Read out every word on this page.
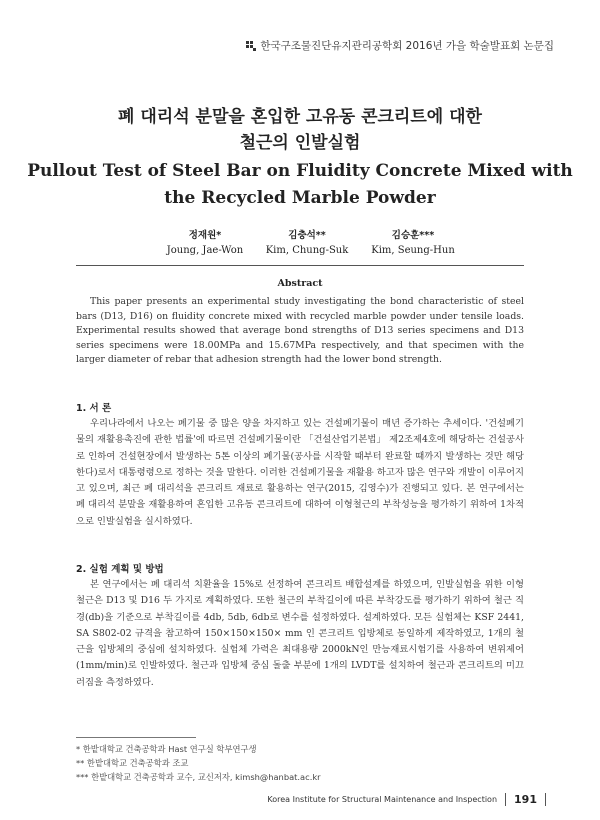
한국구조물진단유지관리공학회 2016년 가을 학술발표회 논문집
폐 대리석 분말을 혼입한 고유동 콘크리트에 대한
철근의 인발실험
Pullout Test of Steel Bar on Fluidity Concrete Mixed with
the Recycled Marble Powder
정재원*
Joung, Jae-Won
김충석**
Kim, Chung-Suk
김승훈***
Kim, Seung-Hun
Abstract

This paper presents an experimental study investigating the bond characteristic of steel bars (D13, D16) on fluidity concrete mixed with recycled marble powder under tensile loads. Experimental results showed that average bond strengths of D13 series specimens and D13 series specimens were 18.00MPa and 15.67MPa respectively, and that specimen with the larger diameter of rebar that adhesion strength had the lower bond strength.

1. 서 론

우리나라에서 나오는 폐기물 중 많은 양을 차지하고 있는 건설폐기물이 매년 증가하는 추세이다. '건설폐기물의 재활용촉진에 관한 법률'에 따르면 건설폐기물이란 「건설산업기본법」 제2조제4호에 해당하는 건설공사로 인하여 건설현장에서 발생하는 5톤 이상의 폐기물(공사를 시작할 때부터 완료할 때까지 발생하는 것만 해당한다)로서 대통령령으로 정하는 것을 말한다. 이러한 건설폐기물을 재활용 하고자 많은 연구와 개발이 이루어지고 있으며, 최근 폐 대리석을 콘크리트 재료로 활용하는 연구(2015, 김영수)가 진행되고 있다. 본 연구에서는 폐 대리석 분말을 재활용하여 혼입한 고유동 콘크리트에 대하여 이형철근의 부착성능을 평가하기 위하여 1차적으로 인발실험을 실시하였다.

2. 실험 계획 및 방법

본 연구에서는 폐 대리석 치환율을 15%로 선정하여 콘크리트 배합설계를 하였으며, 인발실험을 위한 이형철근은 D13 및 D16 두 가지로 계획하였다. 또한 철근의 부착길이에 따른 부착강도를 평가하기 위하여 철근 직경(db)을 기준으로 부착길이를 4db, 5db, 6db로 변수를 설정하였다. 설계하였다. 모든 실험체는 KSF 2441, SA S802-02 규격을 참고하여 150×150×150× mm 인 콘크리트 입방체로 동일하게 제작하였고, 1개의 철근을 입방체의 중심에 설치하였다. 실험체 가력은 최대용량 2000kN인 만능재료시험기를 사용하여 변위제어(1mm/min)로 인발하였다. 철근과 입방체 중심 돌출 부분에 1개의 LVDT를 설치하여 철근과 콘크리트의 미끄러짐을 측정하였다.

* 한밭대학교 건축공학과 Hast 연구실 학부연구생
** 한밭대학교 건축공학과 조교
*** 한밭대학교 건축공학과 교수, 교신저자, kimsh@hanbat.ac.kr
Korea Institute for Structural Maintenance and Inspection 191
